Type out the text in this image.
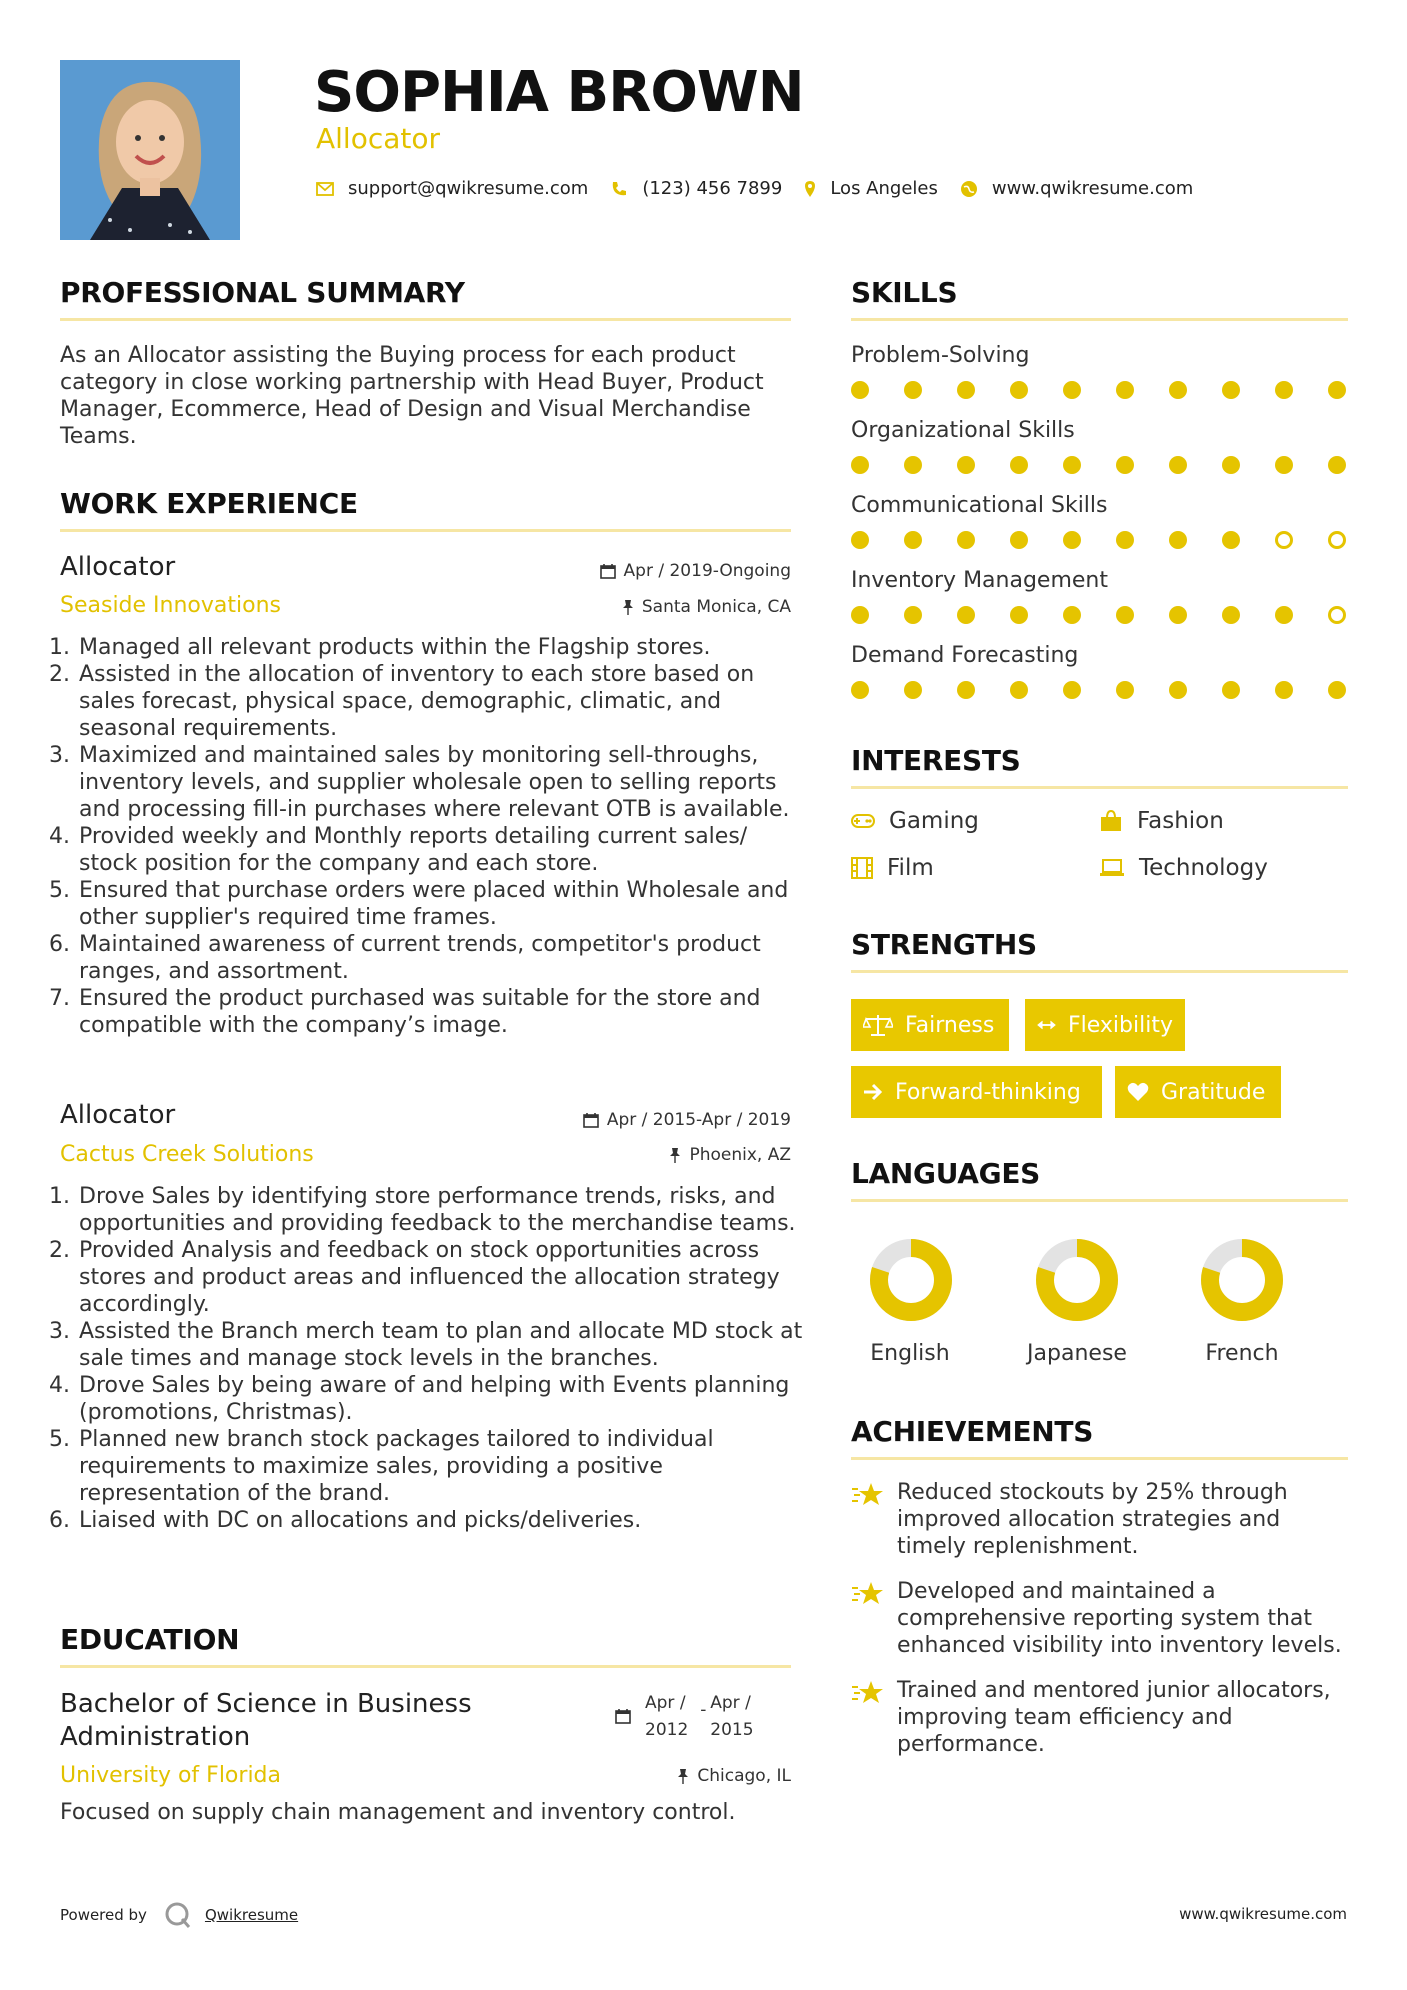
SOPHIA BROWN
Allocator
support@qwikresume.com	(123) 456 7899	Los Angeles	www.qwikresume.com
PROFESSIONAL SUMMARY
As an Allocator assisting the Buying process for each product
category in close working partnership with Head Buyer, Product
Manager, Ecommerce, Head of Design and Visual Merchandise
Teams.
WORK EXPERIENCE
Allocator
Seaside Innovations
Apr / 2019-Ongoing
Santa Monica, CA
1. Managed all relevant products within the Flagship stores.
2. Assisted in the allocation of inventory to each store based on sales forecast, physical space, demographic, climatic, and seasonal requirements.
3. Maximized and maintained sales by monitoring sell-throughs, inventory levels, and supplier wholesale open to selling reports and processing fill-in purchases where relevant OTB is available.
4. Provided weekly and Monthly reports detailing current sales/ stock position for the company and each store.
5. Ensured that purchase orders were placed within Wholesale and other supplier's required time frames.
6. Maintained awareness of current trends, competitor's product ranges, and assortment.
7. Ensured the product purchased was suitable for the store and compatible with the company’s image.
Allocator
Cactus Creek Solutions
Apr / 2015-Apr / 2019
Phoenix, AZ
1. Drove Sales by identifying store performance trends, risks, and opportunities and providing feedback to the merchandise teams.
2. Provided Analysis and feedback on stock opportunities across stores and product areas and influenced the allocation strategy accordingly.
3. Assisted the Branch merch team to plan and allocate MD stock at sale times and manage stock levels in the branches.
4. Drove Sales by being aware of and helping with Events planning (promotions, Christmas).
5. Planned new branch stock packages tailored to individual requirements to maximize sales, providing a positive representation of the brand.
6. Liaised with DC on allocations and picks/deliveries.
EDUCATION
Bachelor of Science in Business
Administration
Apr /
2012
- Apr /
2015
University of Florida	Chicago, IL
Focused on supply chain management and inventory control.
SKILLS
Problem-Solving
Organizational Skills
Communicational Skills
Inventory Management
Demand Forecasting
INTERESTS
Gaming	Fashion
Film	Technology
STRENGTHS
Fairness	Flexibility
Forward-thinking	Gratitude
LANGUAGES
English	Japanese	French
ACHIEVEMENTS
Reduced stockouts by 25% through improved allocation strategies and timely replenishment.
Developed and maintained a comprehensive reporting system that enhanced visibility into inventory levels.
Trained and mentored junior allocators, improving team efficiency and performance.
Powered by	Qwikresume	www.qwikresume.com
